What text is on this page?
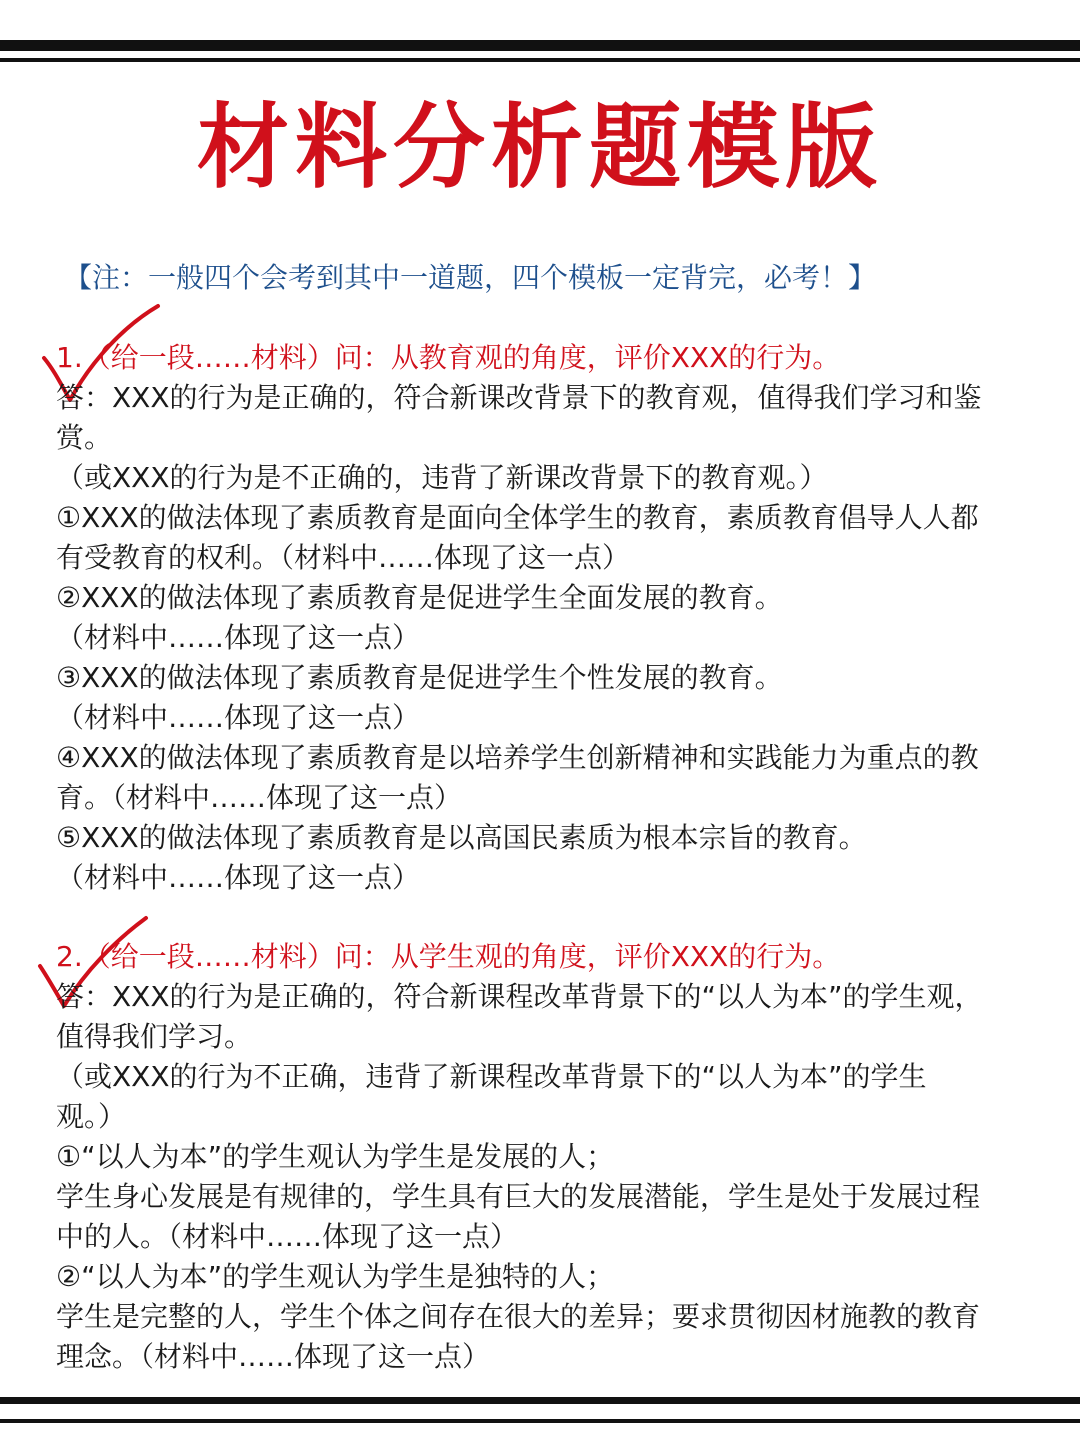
材料分析题模版
【注：一般四个会考到其中一道题，四个模板一定背完，必考！】
1.（给一段……材料）问：从教育观的角度，评价XXX的行为。
答：XXX的行为是正确的，符合新课改背景下的教育观，值得我们学习和鉴
赏。
（或XXX的行为是不正确的，违背了新课改背景下的教育观。）
①XXX的做法体现了素质教育是面向全体学生的教育，素质教育倡导人人都
有受教育的权利。（材料中……体现了这一点）
②XXX的做法体现了素质教育是促进学生全面发展的教育。
（材料中……体现了这一点）
③XXX的做法体现了素质教育是促进学生个性发展的教育。
（材料中……体现了这一点）
④XXX的做法体现了素质教育是以培养学生创新精神和实践能力为重点的教
育。（材料中……体现了这一点）
⑤XXX的做法体现了素质教育是以高国民素质为根本宗旨的教育。
（材料中……体现了这一点）
2.（给一段……材料）问：从学生观的角度，评价XXX的行为。
答：XXX的行为是正确的，符合新课程改革背景下的“以人为本”的学生观，
值得我们学习。
（或XXX的行为不正确，违背了新课程改革背景下的“以人为本”的学生
观。）
①“以人为本”的学生观认为学生是发展的人；
学生身心发展是有规律的，学生具有巨大的发展潜能，学生是处于发展过程
中的人。（材料中……体现了这一点）
②“以人为本”的学生观认为学生是独特的人；
学生是完整的人，学生个体之间存在很大的差异；要求贯彻因材施教的教育
理念。（材料中……体现了这一点）
